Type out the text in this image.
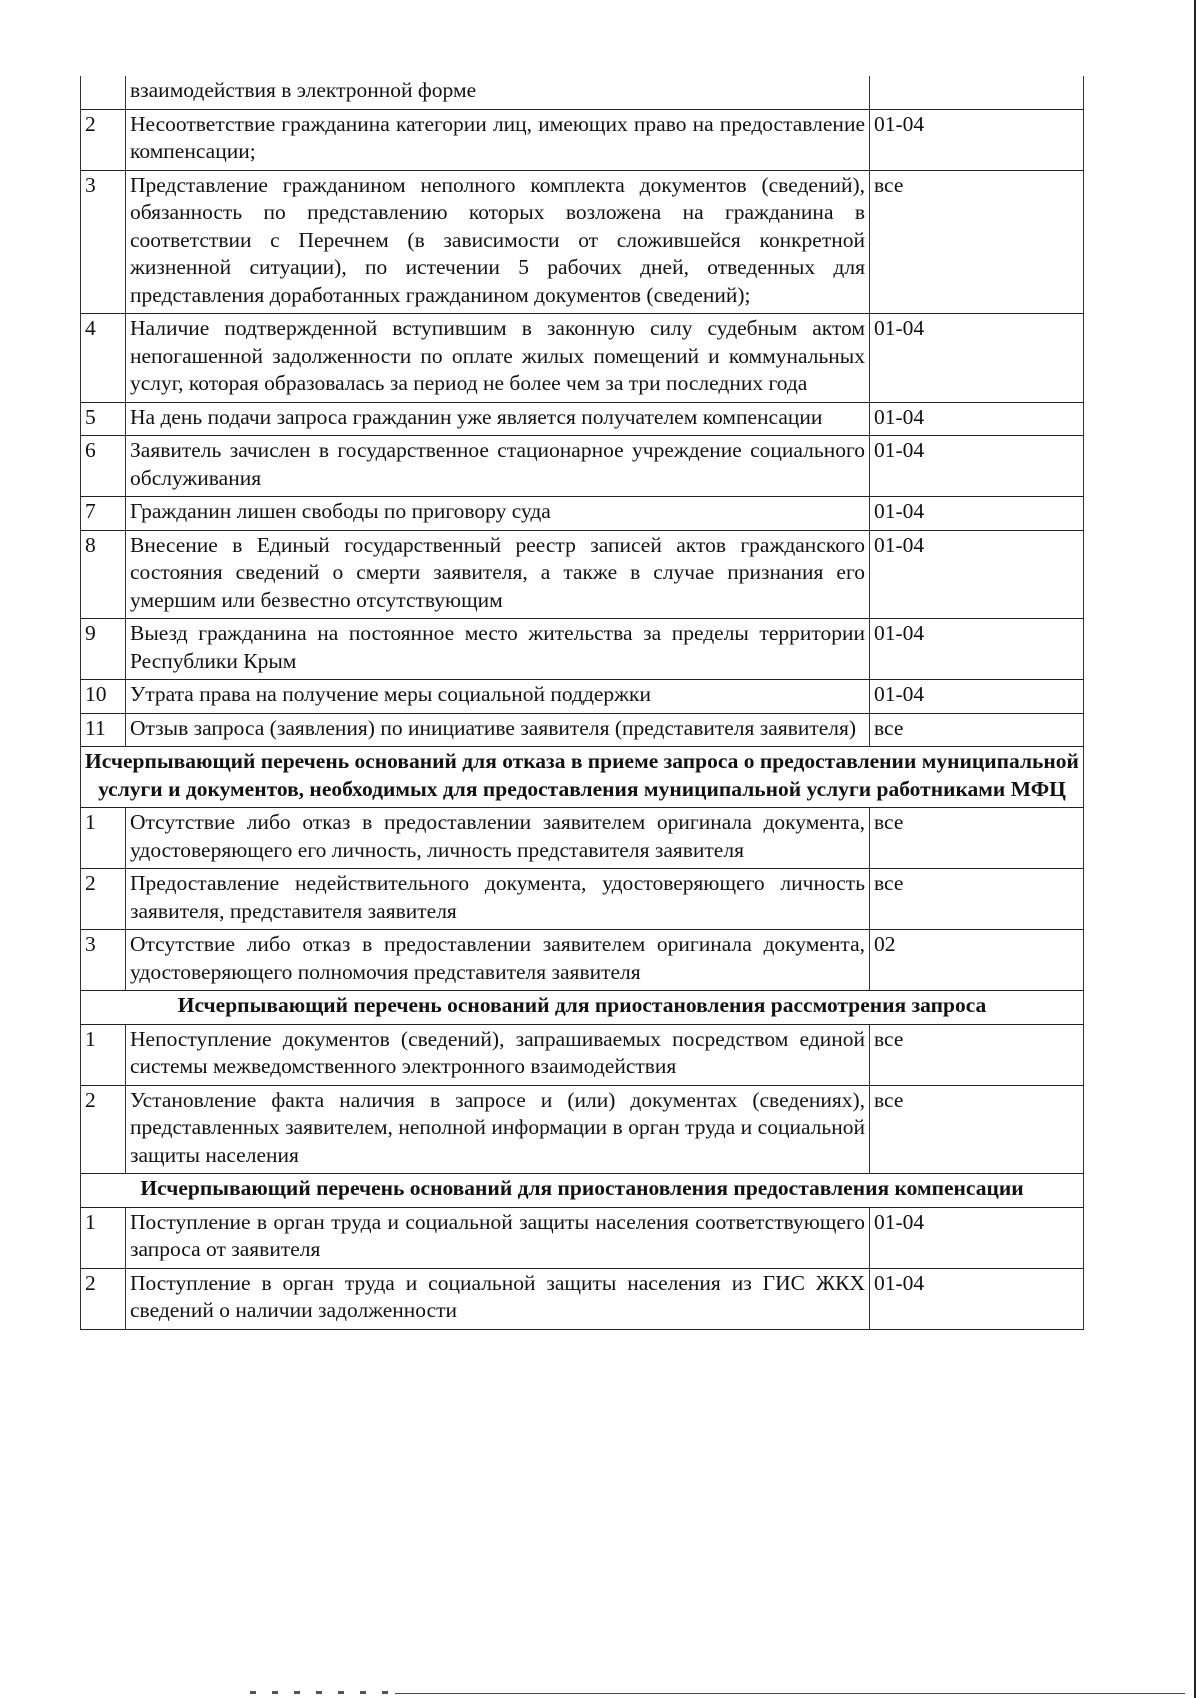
	взаимодействия в электронной форме	
2	Несоответствие гражданина категории лиц, имеющих право на предоставление компенсации;	01-04
3	Представление гражданином неполного комплекта документов (сведений), обязанность по представлению которых возложена на гражданина в соответствии с Перечнем (в зависимости от сложившейся конкретной жизненной ситуации), по истечении 5 рабочих дней, отведенных для представления доработанных гражданином документов (сведений);	все
4	Наличие подтвержденной вступившим в законную силу судебным актом непогашенной задолженности по оплате жилых помещений и коммунальных услуг, которая образовалась за период не более чем за три последних года	01-04
5	На день подачи запроса гражданин уже является получателем компенсации	01-04
6	Заявитель зачислен в государственное стационарное учреждение социального обслуживания	01-04
7	Гражданин лишен свободы по приговору суда	01-04
8	Внесение в Единый государственный реестр записей актов гражданского состояния сведений о смерти заявителя, а также в случае признания его умершим или безвестно отсутствующим	01-04
9	Выезд гражданина на постоянное место жительства за пределы территории Республики Крым	01-04
10	Утрата права на получение меры социальной поддержки	01-04
11	Отзыв запроса (заявления) по инициативе заявителя (представителя заявителя)	все
Исчерпывающий перечень оснований для отказа в приеме запроса о предоставлении муниципальной услуги и документов, необходимых для предоставления муниципальной услуги работниками МФЦ		
1	Отсутствие либо отказ в предоставлении заявителем оригинала документа, удостоверяющего его личность, личность представителя заявителя	все
2	Предоставление недействительного документа, удостоверяющего личность заявителя, представителя заявителя	все
3	Отсутствие либо отказ в предоставлении заявителем оригинала документа, удостоверяющего полномочия представителя заявителя	02
Исчерпывающий перечень оснований для приостановления рассмотрения запроса		
1	Непоступление документов (сведений), запрашиваемых посредством единой системы межведомственного электронного взаимодействия	все
2	Установление факта наличия в запросе и (или) документах (сведениях), представленных заявителем, неполной информации в орган труда и социальной защиты населения	все
Исчерпывающий перечень оснований для приостановления предоставления компенсации		
1	Поступление в орган труда и социальной защиты населения соответствующего запроса от заявителя	01-04
2	Поступление в орган труда и социальной защиты населения из ГИС ЖКХ сведений о наличии задолженности	01-04
